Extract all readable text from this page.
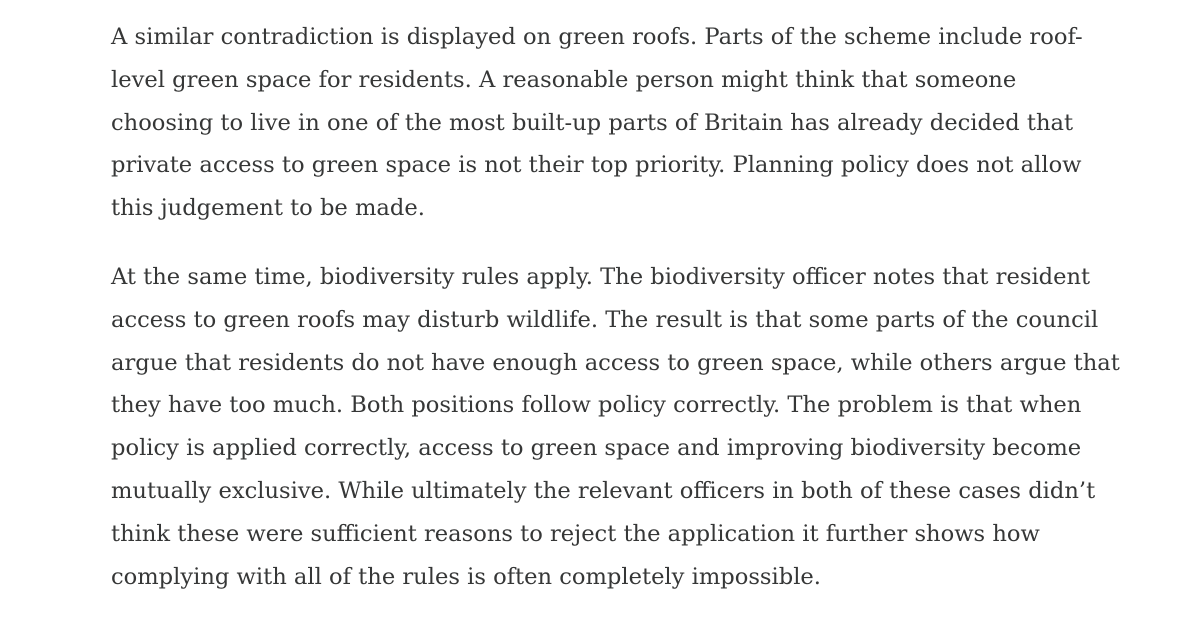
A similar contradiction is displayed on green roofs. Parts of the scheme include roof-
level green space for residents. A reasonable person might think that someone
choosing to live in one of the most built-up parts of Britain has already decided that
private access to green space is not their top priority. Planning policy does not allow
this judgement to be made.

At the same time, biodiversity rules apply. The biodiversity officer notes that resident
access to green roofs may disturb wildlife. The result is that some parts of the council
argue that residents do not have enough access to green space, while others argue that
they have too much. Both positions follow policy correctly. The problem is that when
policy is applied correctly, access to green space and improving biodiversity become
mutually exclusive. While ultimately the relevant officers in both of these cases didn’t
think these were sufficient reasons to reject the application it further shows how
complying with all of the rules is often completely impossible.
